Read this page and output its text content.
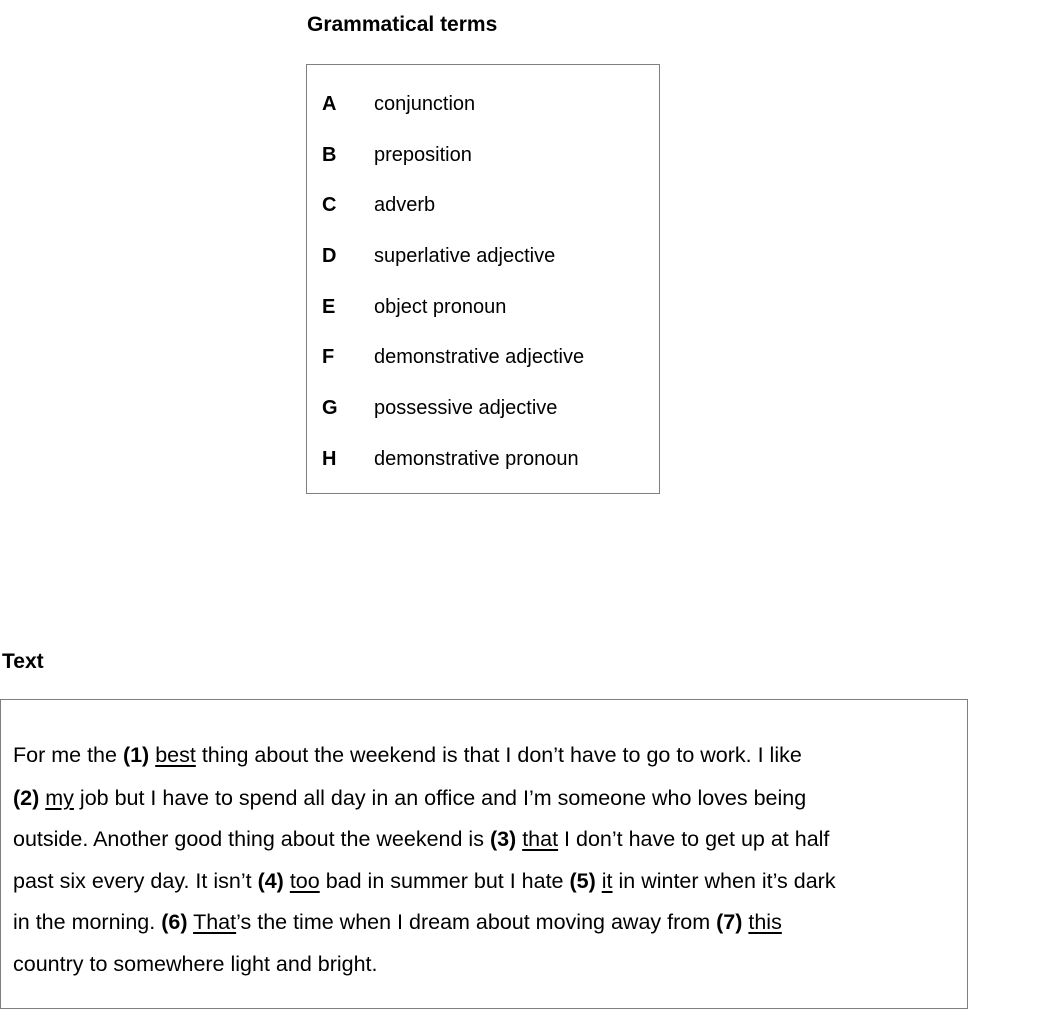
Grammatical terms
A	conjunction
B	preposition
C	adverb
D	superlative adjective
E	object pronoun
F	demonstrative adjective
G	possessive adjective
H	demonstrative pronoun
Text
For me the (1) best thing about the weekend is that I don’t have to go to work. I like
(2) my job but I have to spend all day in an office and I’m someone who loves being
outside. Another good thing about the weekend is (3) that I don’t have to get up at half
past six every day. It isn’t (4) too bad in summer but I hate (5) it in winter when it’s dark
in the morning. (6) That’s the time when I dream about moving away from (7) this
country to somewhere light and bright.
